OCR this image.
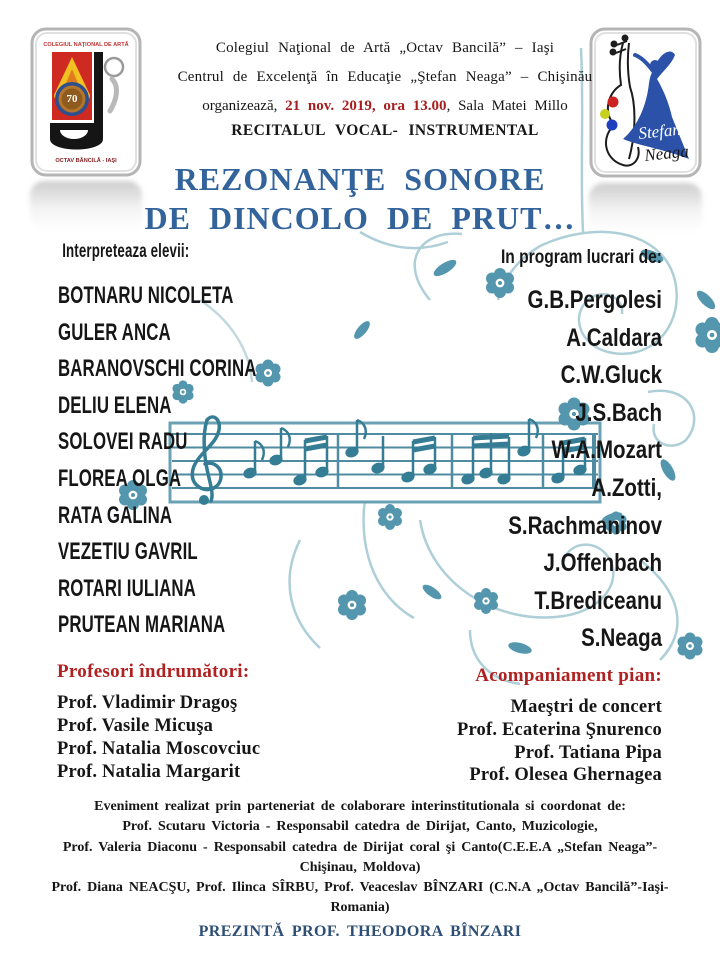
COLEGIUL NAŢIONAL DE ARTĂ
70
OCTAV BĂNCILĂ - IAŞI
Stefan
Neaga
Colegiul Naţional de Artă „Octav Bancilă” – Iaşi
Centrul de Excelenţă în Educaţie „Ştefan Neaga” – Chişinău
organizează, 21 nov. 2019, ora 13.00, Sala Matei Millo
RECITALUL VOCAL- INSTRUMENTAL
REZONANŢE SONORE
DE DINCOLO DE PRUT…
Interpreteaza elevii:
BOTNARU NICOLETA
GULER ANCA
BARANOVSCHI CORINA
DELIU ELENA
SOLOVEI RADU
FLOREA OLGA
RATA GALINA
VEZETIU GAVRIL
ROTARI IULIANA
PRUTEAN MARIANA
In program lucrari de:
G.B.Pergolesi
A.Caldara
C.W.Gluck
J.S.Bach
W.A.Mozart
A.Zotti,
S.Rachmaninov
J.Offenbach
T.Brediceanu
S.Neaga
Profesori îndrumători:
Prof. Vladimir Dragoş
Prof. Vasile Micuşa
Prof. Natalia Moscovciuc
Prof. Natalia Margarit
Acompaniament pian:
Maeştri de concert
Prof. Ecaterina Şnurenco
Prof. Tatiana Pipa
Prof. Olesea Ghernagea
Eveniment realizat prin parteneriat de colaborare interinstitutionala si coordonat de:
Prof. Scutaru Victoria - Responsabil catedra de Dirijat, Canto, Muzicologie,
Prof. Valeria Diaconu - Responsabil catedra de Dirijat coral şi Canto(C.E.E.A „Stefan Neaga”-
Chişinau, Moldova)
Prof. Diana NEACŞU, Prof. Ilinca SÎRBU, Prof. Veaceslav BÎNZARI (C.N.A „Octav Bancilă”-Iaşi-
Romania)
PREZINTĂ PROF. THEODORA BÎNZARI
